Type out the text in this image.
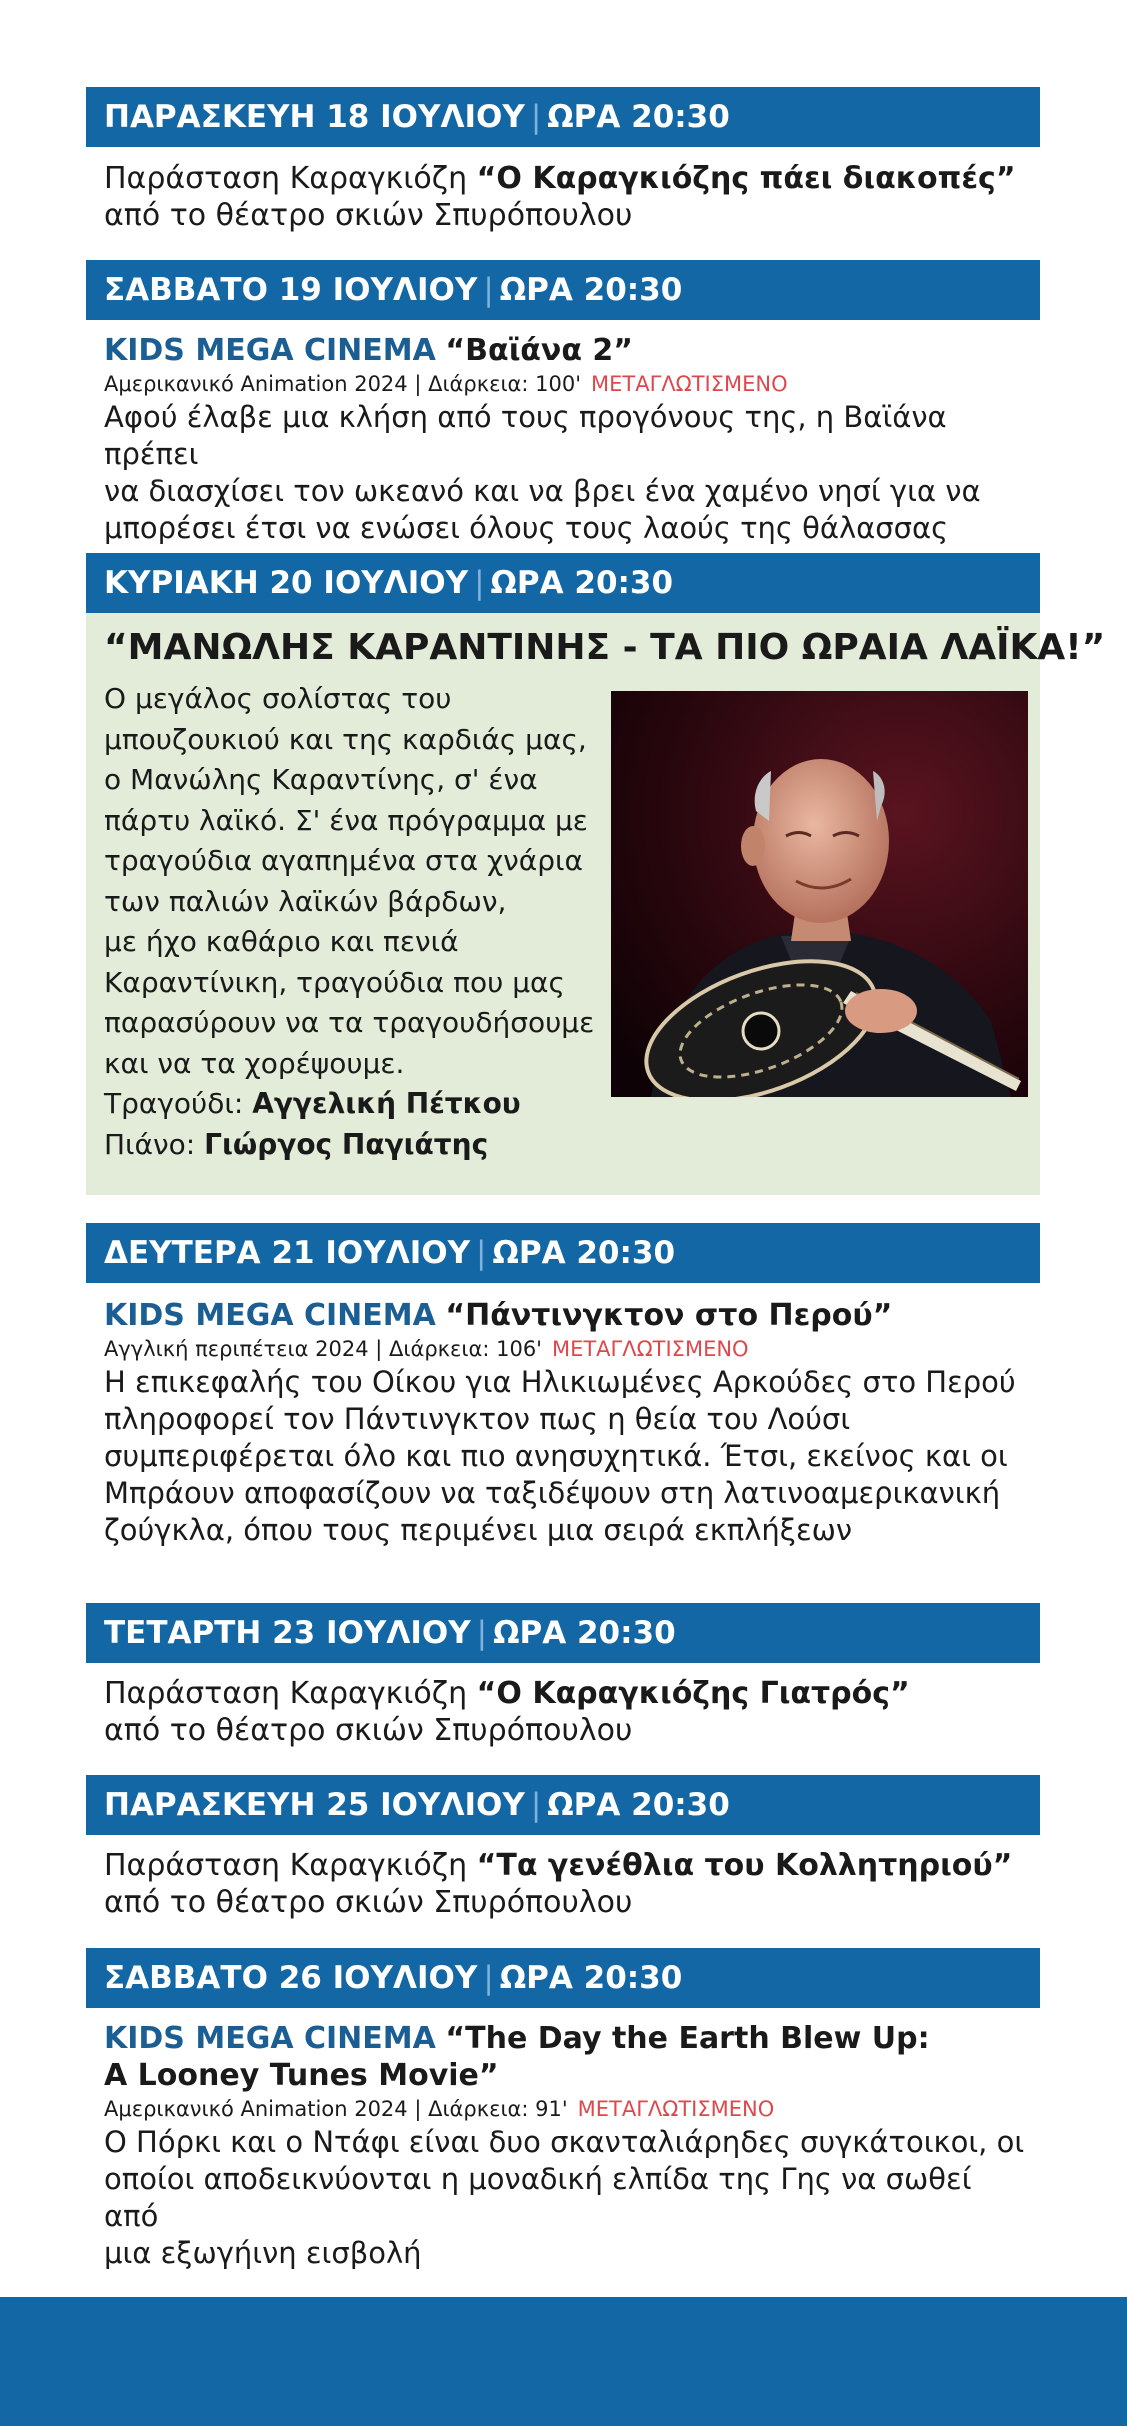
ΠΑΡΑΣΚΕΥΗ 18 ΙΟΥΛΙΟΥ | ΩΡΑ 20:30
Παράσταση Καραγκιόζη “Ο Καραγκιόζης πάει διακοπές”
από το θέατρο σκιών Σπυρόπουλου
ΣΑΒΒΑΤΟ 19 ΙΟΥΛΙΟΥ | ΩΡΑ 20:30
KIDS MEGA CINEMA “Βαϊάνα 2”
Αμερικανικό Animation 2024 | Διάρκεια: 100' ΜΕΤΑΓΛΩΤΙΣΜΕΝΟ
Αφού έλαβε μια κλήση από τους προγόνους της, η Βαϊάνα πρέπει
να διασχίσει τον ωκεανό και να βρει ένα χαμένο νησί για να
μπορέσει έτσι να ενώσει όλους τους λαούς της θάλασσας
ΚΥΡΙΑΚΗ 20 ΙΟΥΛΙΟΥ | ΩΡΑ 20:30
“ΜΑΝΩΛΗΣ ΚΑΡΑΝΤΙΝΗΣ - ΤΑ ΠΙΟ ΩΡΑΙΑ ΛΑΪΚΑ!”
Ο μεγάλος σολίστας του
μπουζουκιού και της καρδιάς μας,
ο Μανώλης Καραντίνης, σ' ένα
πάρτυ λαϊκό. Σ' ένα πρόγραμμα με
τραγούδια αγαπημένα στα χνάρια
των παλιών λαϊκών βάρδων,
με ήχο καθάριο και πενιά
Καραντίνικη, τραγούδια που μας
παρασύρουν να τα τραγουδήσουμε
και να τα χορέψουμε.
Τραγούδι: Αγγελική Πέτκου
Πιάνο: Γιώργος Παγιάτης
ΔΕΥΤΕΡΑ 21 ΙΟΥΛΙΟΥ | ΩΡΑ 20:30
KIDS MEGA CINEMA “Πάντινγκτον στο Περού”
Αγγλική περιπέτεια 2024 | Διάρκεια: 106' ΜΕΤΑΓΛΩΤΙΣΜΕΝΟ
Η επικεφαλής του Οίκου για Ηλικιωμένες Αρκούδες στο Περού
πληροφορεί τον Πάντινγκτον πως η θεία του Λούσι
συμπεριφέρεται όλο και πιο ανησυχητικά. Έτσι, εκείνος και οι
Μπράουν αποφασίζουν να ταξιδέψουν στη λατινοαμερικανική
ζούγκλα, όπου τους περιμένει μια σειρά εκπλήξεων
ΤΕΤΑΡΤΗ 23 ΙΟΥΛΙΟΥ | ΩΡΑ 20:30
Παράσταση Καραγκιόζη “Ο Καραγκιόζης Γιατρός”
από το θέατρο σκιών Σπυρόπουλου
ΠΑΡΑΣΚΕΥΗ 25 ΙΟΥΛΙΟΥ | ΩΡΑ 20:30
Παράσταση Καραγκιόζη “Τα γενέθλια του Κολλητηριού”
από το θέατρο σκιών Σπυρόπουλου
ΣΑΒΒΑΤΟ 26 ΙΟΥΛΙΟΥ | ΩΡΑ 20:30
KIDS MEGA CINEMA “The Day the Earth Blew Up:
A Looney Tunes Movie”
Αμερικανικό Animation 2024 | Διάρκεια: 91' ΜΕΤΑΓΛΩΤΙΣΜΕΝΟ
Ο Πόρκι και ο Ντάφι είναι δυο σκανταλιάρηδες συγκάτοικοι, οι
οποίοι αποδεικνύονται η μοναδική ελπίδα της Γης να σωθεί από
μια εξωγήινη εισβολή
